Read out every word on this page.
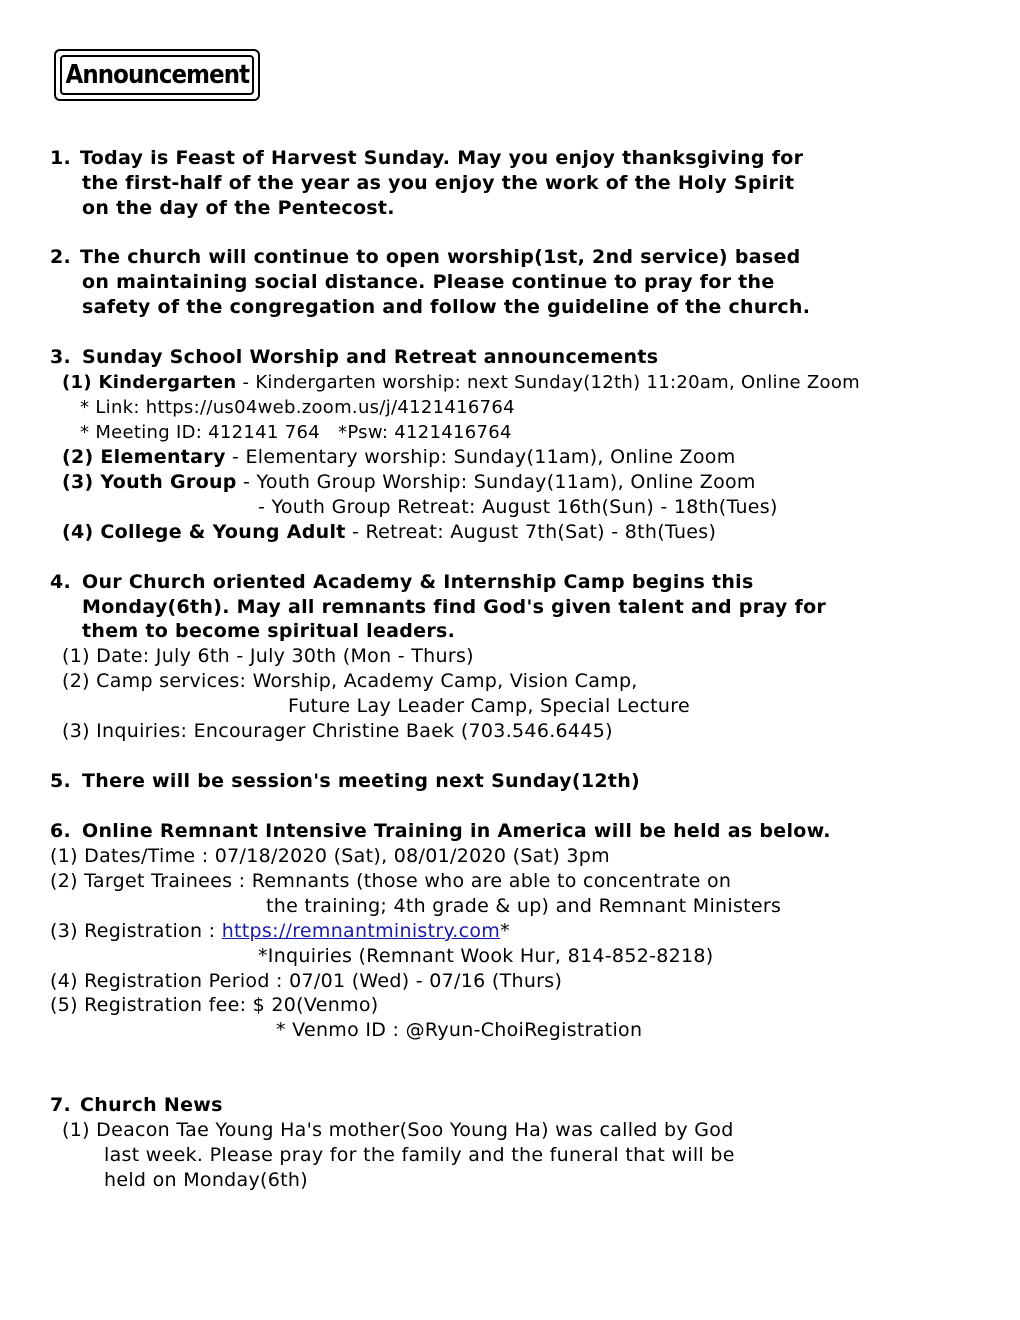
Announcement
1. Today is Feast of Harvest Sunday. May you enjoy thanksgiving for
the first-half of the year as you enjoy the work of the Holy Spirit
on the day of the Pentecost.
2. The church will continue to open worship(1st, 2nd service) based
on maintaining social distance. Please continue to pray for the
safety of the congregation and follow the guideline of the church.
3. Sunday School Worship and Retreat announcements
(1) Kindergarten - Kindergarten worship: next Sunday(12th) 11:20am, Online Zoom
* Link: https://us04web.zoom.us/j/4121416764
* Meeting ID: 412141 764   *Psw: 4121416764
(2) Elementary - Elementary worship: Sunday(11am), Online Zoom
(3) Youth Group - Youth Group Worship: Sunday(11am), Online Zoom
- Youth Group Retreat: August 16th(Sun) - 18th(Tues)
(4) College & Young Adult - Retreat: August 7th(Sat) - 8th(Tues)
4. Our Church oriented Academy & Internship Camp begins this
Monday(6th). May all remnants find God's given talent and pray for
them to become spiritual leaders.
(1) Date: July 6th - July 30th (Mon - Thurs)
(2) Camp services: Worship, Academy Camp, Vision Camp,
Future Lay Leader Camp, Special Lecture
(3) Inquiries: Encourager Christine Baek (703.546.6445)
5. There will be session's meeting next Sunday(12th)
6. Online Remnant Intensive Training in America will be held as below.
(1) Dates/Time : 07/18/2020 (Sat), 08/01/2020 (Sat) 3pm
(2) Target Trainees : Remnants (those who are able to concentrate on
the training; 4th grade & up) and Remnant Ministers
(3) Registration : https://remnantministry.com*
*Inquiries (Remnant Wook Hur, 814-852-8218)
(4) Registration Period : 07/01 (Wed) - 07/16 (Thurs)
(5) Registration fee: $ 20(Venmo)
* Venmo ID : @Ryun-ChoiRegistration
7. Church News
(1) Deacon Tae Young Ha's mother(Soo Young Ha) was called by God
last week. Please pray for the family and the funeral that will be
held on Monday(6th)
